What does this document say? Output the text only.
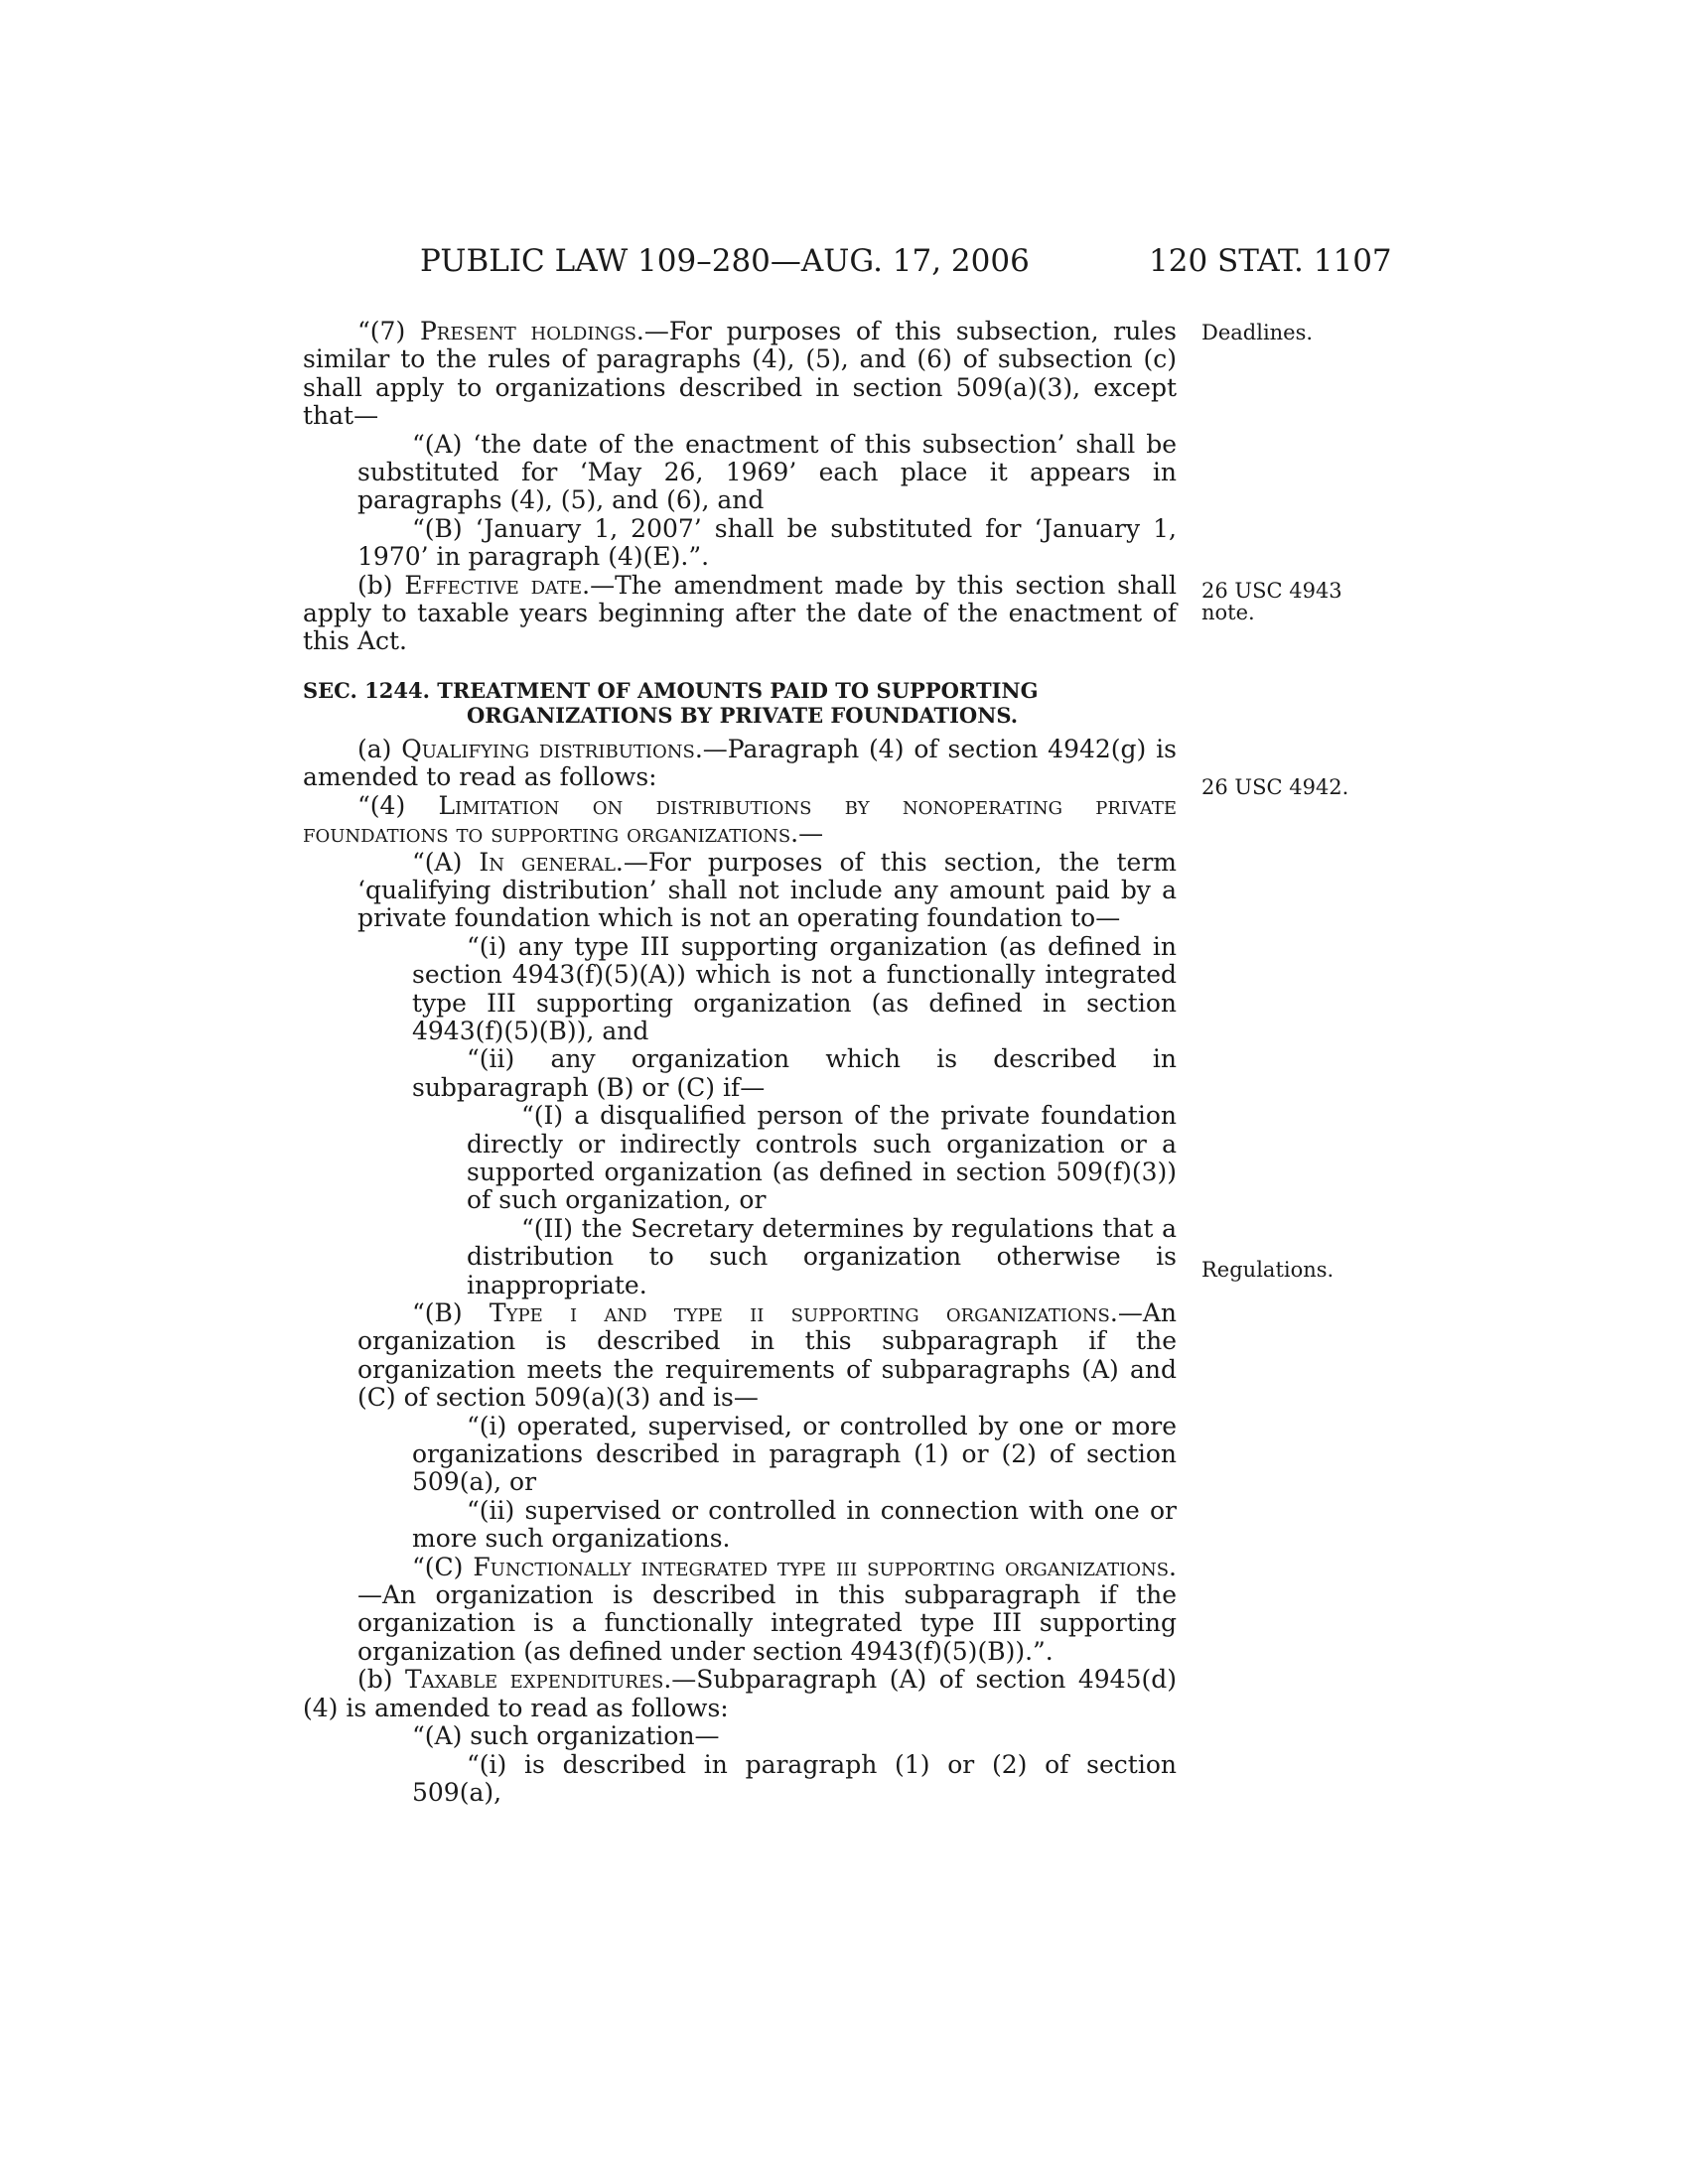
PUBLIC LAW 109–280—AUG. 17, 2006	120 STAT. 1107
Deadlines.
26 USC 4943
note.
26 USC 4942.
Regulations.

“(7) Present holdings.—For purposes of this subsection, rules similar to the rules of paragraphs (4), (5), and (6) of subsection (c) shall apply to organizations described in section 509(a)(3), except that—

“(A) ‘the date of the enactment of this subsection’ shall be substituted for ‘May 26, 1969’ each place it appears in paragraphs (4), (5), and (6), and

“(B) ‘January 1, 2007’ shall be substituted for ‘January 1, 1970’ in paragraph (4)(E).”.

(b) Effective date.—The amendment made by this section shall apply to taxable years beginning after the date of the enactment of this Act.

SEC. 1244. TREATMENT OF AMOUNTS PAID TO SUPPORTING ORGANIZATIONS BY PRIVATE FOUNDATIONS.

(a) Qualifying distributions.—Paragraph (4) of section 4942(g) is amended to read as follows:

“(4) Limitation on distributions by nonoperating private foundations to supporting organizations.—

“(A) In general.—For purposes of this section, the term ‘qualifying distribution’ shall not include any amount paid by a private foundation which is not an operating foundation to—

“(i) any type III supporting organization (as defined in section 4943(f)(5)(A)) which is not a functionally integrated type III supporting organization (as defined in section 4943(f)(5)(B)), and

“(ii) any organization which is described in subparagraph (B) or (C) if—

“(I) a disqualified person of the private foundation directly or indirectly controls such organization or a supported organization (as defined in section 509(f)(3)) of such organization, or

“(II) the Secretary determines by regulations that a distribution to such organization otherwise is inappropriate.

“(B) Type i and type ii supporting organizations.—An organization is described in this subparagraph if the organization meets the requirements of subparagraphs (A) and (C) of section 509(a)(3) and is—

“(i) operated, supervised, or controlled by one or more organizations described in paragraph (1) or (2) of section 509(a), or

“(ii) supervised or controlled in connection with one or more such organizations.

“(C) Functionally integrated type iii supporting organizations.—An organization is described in this subparagraph if the organization is a functionally integrated type III supporting organization (as defined under section 4943(f)(5)(B)).”.

(b) Taxable expenditures.—Subparagraph (A) of section 4945(d)(4) is amended to read as follows:

“(A) such organization—

“(i) is described in paragraph (1) or (2) of section 509(a),
